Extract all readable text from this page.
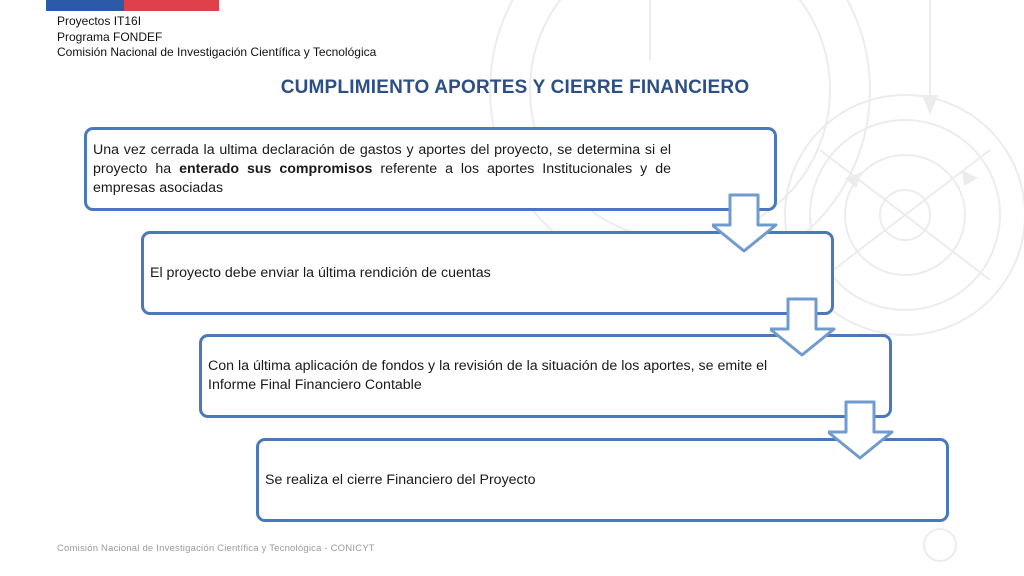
Proyectos IT16I
Programa FONDEF
Comisión Nacional de Investigación Científica y Tecnológica
CUMPLIMIENTO APORTES Y CIERRE FINANCIERO
Una vez cerrada la ultima declaración de gastos y aportes del proyecto, se determina si el proyecto ha enterado sus compromisos referente a los aportes Institucionales y de empresas asociadas
El proyecto debe enviar la última rendición de cuentas
Con la última aplicación de fondos y la revisión de la situación de los aportes, se emite el Informe Final Financiero Contable
Se realiza el cierre Financiero del Proyecto
Comisión Nacional de Investigación Científica y Tecnológica - CONICYT
